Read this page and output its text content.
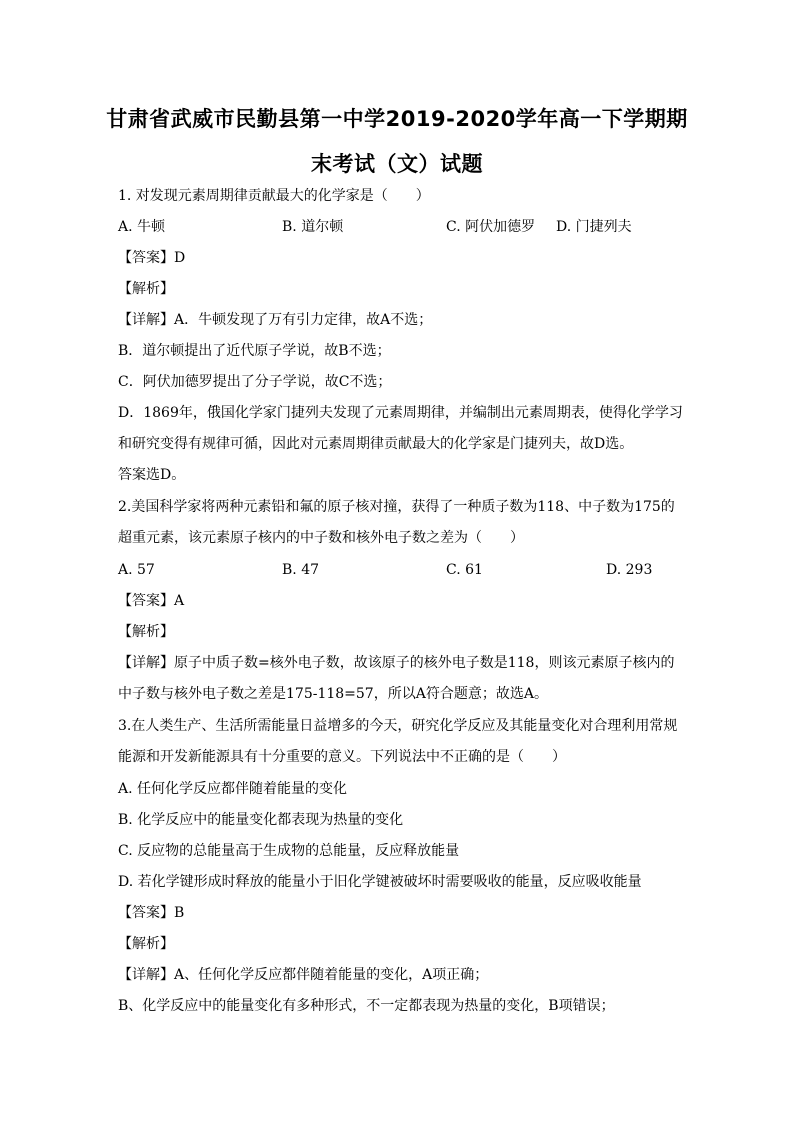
甘肃省武威市民勤县第一中学2019-2020学年高一下学期期
末考试（文）试题
1. 对发现元素周期律贡献最大的化学家是（　　）
A. 牛顿	B. 道尔顿	C. 阿伏加德罗 D. 门捷列夫
【答案】D
【解析】
【详解】A．牛顿发现了万有引力定律，故A不选；
B．道尔顿提出了近代原子学说，故B不选；
C．阿伏加德罗提出了分子学说，故C不选；
D．1869年，俄国化学家门捷列夫发现了元素周期律，并编制出元素周期表，使得化学学习
和研究变得有规律可循，因此对元素周期律贡献最大的化学家是门捷列夫，故D选。
答案选D。
2.美国科学家将两种元素铅和氟的原子核对撞，获得了一种质子数为118、中子数为175的
超重元素，该元素原子核内的中子数和核外电子数之差为（　　）
A. 57	B. 47	C. 61	D. 293
【答案】A
【解析】
【详解】原子中质子数=核外电子数，故该原子的核外电子数是118，则该元素原子核内的
中子数与核外电子数之差是175-118=57，所以A符合题意；故选A。
3.在人类生产、生活所需能量日益增多的今天，研究化学反应及其能量变化对合理利用常规
能源和开发新能源具有十分重要的意义。下列说法中不正确的是（　　）
A. 任何化学反应都伴随着能量的变化
B. 化学反应中的能量变化都表现为热量的变化
C. 反应物的总能量高于生成物的总能量，反应释放能量
D. 若化学键形成时释放的能量小于旧化学键被破坏时需要吸收的能量，反应吸收能量
【答案】B
【解析】
【详解】A、任何化学反应都伴随着能量的变化，A项正确；
B、化学反应中的能量变化有多种形式，不一定都表现为热量的变化，B项错误；
